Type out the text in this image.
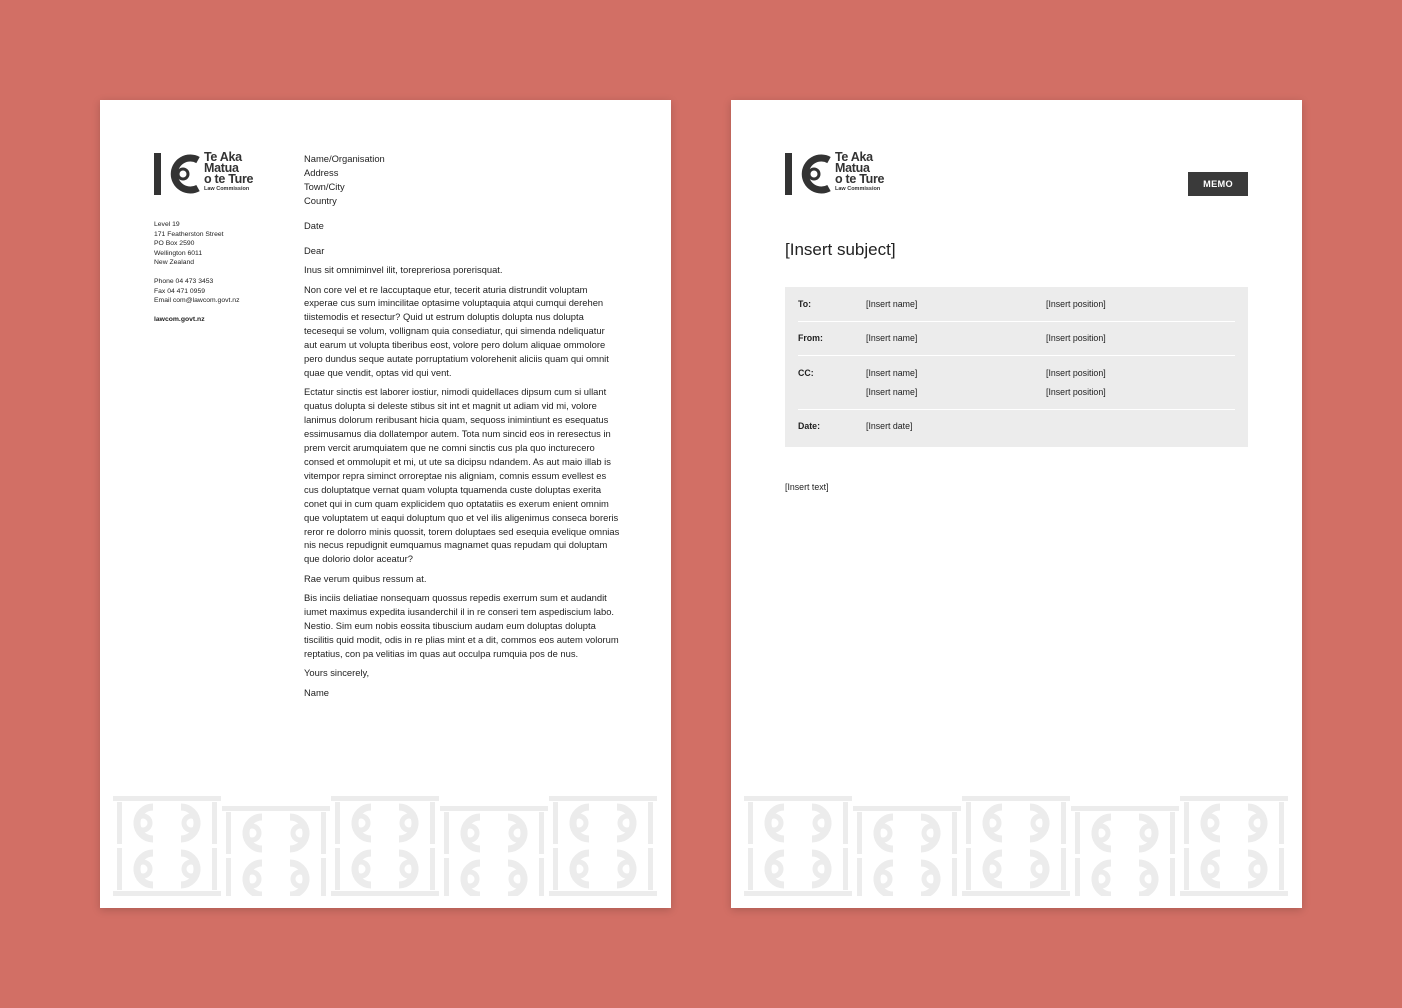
Te Aka
Matua
o te Ture
Law Commission
Level 19
171 Featherston Street
PO Box 2590
Wellington 6011
New Zealand
Phone 04 473 3453
Fax 04 471 0959
Email com@lawcom.govt.nz
lawcom.govt.nz
Name/Organisation
Address
Town/City
Country

Date

Dear

Inus sit omniminvel ilit, torepreriosa porerisquat.

Non core vel et re laccuptaque etur, tecerit aturia distrundit voluptam experae cus sum imincilitae optasime voluptaquia atqui cumqui derehen tiistemodis et resectur? Quid ut estrum doluptis dolupta nus dolupta tecesequi se volum, vollignam quia consediatur, qui simenda ndeliquatur aut earum ut volupta tiberibus eost, volore pero dolum aliquae ommolore pero dundus seque autate porruptatium volorehenit aliciis quam qui omnit quae que vendit, optas vid qui vent.

Ectatur sinctis est laborer iostiur, nimodi quidellaces dipsum cum si ullant quatus dolupta si deleste stibus sit int et magnit ut adiam vid mi, volore lanimus dolorum reribusant hicia quam, sequoss inimintiunt es esequatus essimusamus dia dollatempor autem. Tota num sincid eos in reresectus in prem vercit arumquiatem que ne comni sinctis cus pla quo incturecero consed et ommolupit et mi, ut ute sa dicipsu ndandem. As aut maio illab is vitempor repra siminct orroreptae nis aligniam, comnis essum evellest es cus doluptatque vernat quam volupta tquamenda custe doluptas exerita conet qui in cum quam explicidem quo optatatiis es exerum enient omnim que voluptatem ut eaqui doluptum quo et vel ilis aligenimus conseca boreris reror re dolorro minis quossit, torem doluptaes sed esequia evelique omnias nis necus repudignit eumquamus magnamet quas repudam qui doluptam que dolorio dolor aceatur?

Rae verum quibus ressum at.

Bis inciis deliatiae nonsequam quossus repedis exerrum sum et audandit iumet maximus expedita iusanderchil il in re conseri tem aspediscium labo. Nestio. Sim eum nobis eossita tibuscium audam eum doluptas dolupta tiscilitis quid modit, odis in re plias mint et a dit, commos eos autem volorum reptatius, con pa velitias im quas aut occulpa rumquia pos de nus.

Yours sincerely,

Name

Te Aka
Matua
o te Ture
Law Commission	MEMO
[Insert subject]
To:	[Insert name]	[Insert position]
From:	[Insert name]	[Insert position]
CC:	[Insert name]	[Insert position]
[Insert name]	[Insert position]
Date:	[Insert date]
[Insert text]
